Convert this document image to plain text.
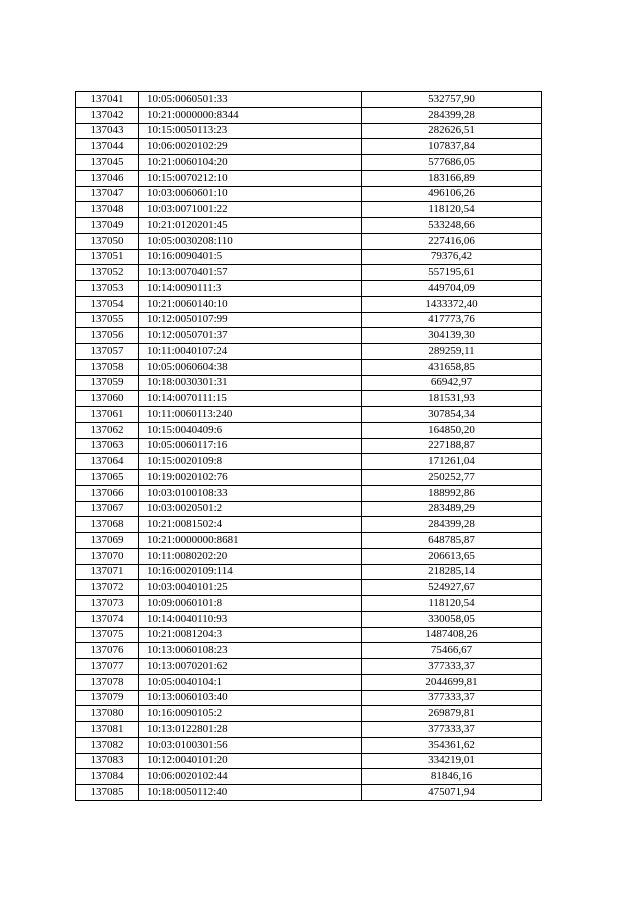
137041	10:05:0060501:33	532757,90
137042	10:21:0000000:8344	284399,28
137043	10:15:0050113:23	282626,51
137044	10:06:0020102:29	107837,84
137045	10:21:0060104:20	577686,05
137046	10:15:0070212:10	183166,89
137047	10:03:0060601:10	496106,26
137048	10:03:0071001:22	118120,54
137049	10:21:0120201:45	533248,66
137050	10:05:0030208:110	227416,06
137051	10:16:0090401:5	79376,42
137052	10:13:0070401:57	557195,61
137053	10:14:0090111:3	449704,09
137054	10:21:0060140:10	1433372,40
137055	10:12:0050107:99	417773,76
137056	10:12:0050701:37	304139,30
137057	10:11:0040107:24	289259,11
137058	10:05:0060604:38	431658,85
137059	10:18:0030301:31	66942,97
137060	10:14:0070111:15	181531,93
137061	10:11:0060113:240	307854,34
137062	10:15:0040409:6	164850,20
137063	10:05:0060117:16	227188,87
137064	10:15:0020109:8	171261,04
137065	10:19:0020102:76	250252,77
137066	10:03:0100108:33	188992,86
137067	10:03:0020501:2	283489,29
137068	10:21:0081502:4	284399,28
137069	10:21:0000000:8681	648785,87
137070	10:11:0080202:20	206613,65
137071	10:16:0020109:114	218285,14
137072	10:03:0040101:25	524927,67
137073	10:09:0060101:8	118120,54
137074	10:14:0040110:93	330058,05
137075	10:21:0081204:3	1487408,26
137076	10:13:0060108:23	75466,67
137077	10:13:0070201:62	377333,37
137078	10:05:0040104:1	2044699,81
137079	10:13:0060103:40	377333,37
137080	10:16:0090105:2	269879,81
137081	10:13:0122801:28	377333,37
137082	10:03:0100301:56	354361,62
137083	10:12:0040101:20	334219,01
137084	10:06:0020102:44	81846,16
137085	10:18:0050112:40	475071,94
